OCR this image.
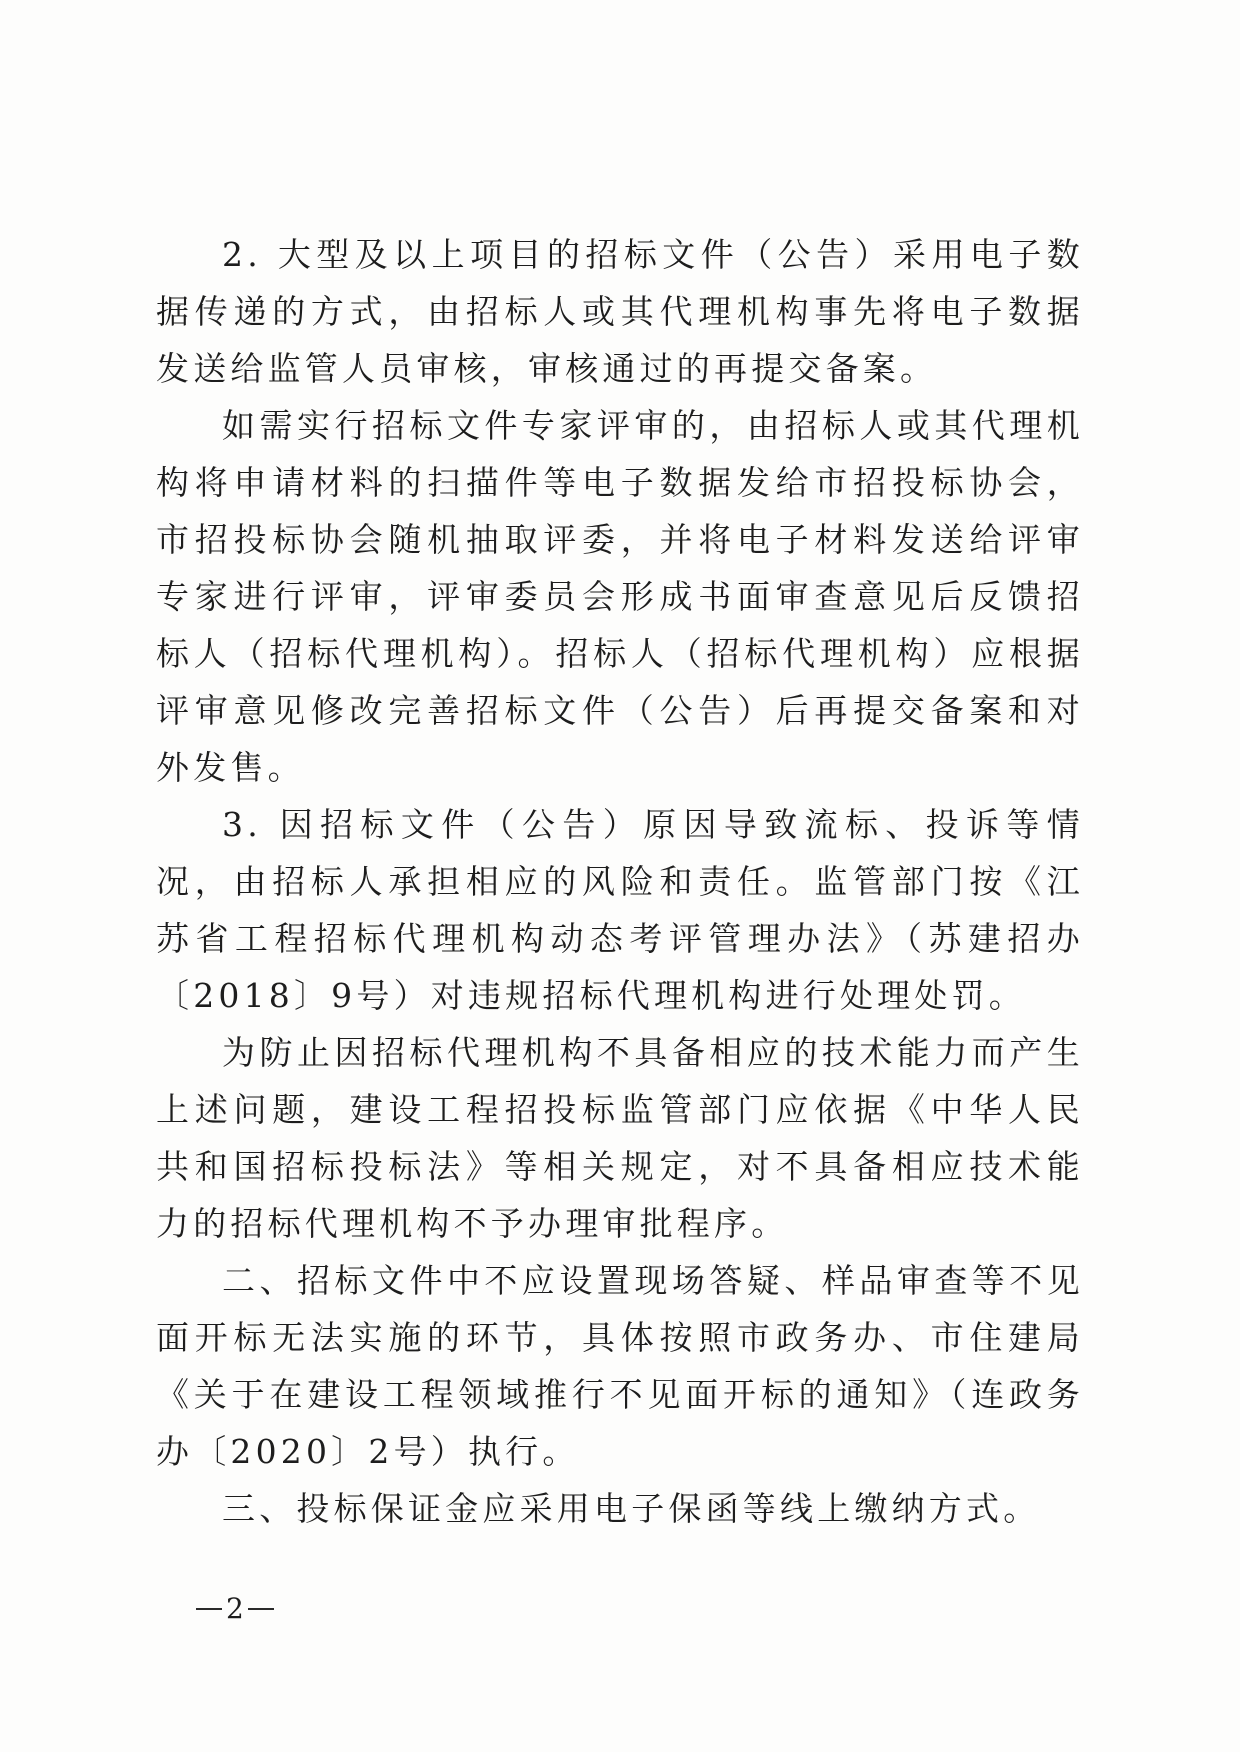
2. 大型及以上项目的招标文件（公告）采用电子数据传递的方式，由招标人或其代理机构事先将电子数据发送给监管人员审核，审核通过的再提交备案。

如需实行招标文件专家评审的，由招标人或其代理机构将申请材料的扫描件等电子数据发给市招投标协会，市招投标协会随机抽取评委，并将电子材料发送给评审专家进行评审，评审委员会形成书面审查意见后反馈招标人（招标代理机构）。招标人（招标代理机构）应根据评审意见修改完善招标文件（公告）后再提交备案和对外发售。

3. 因招标文件（公告）原因导致流标、投诉等情况，由招标人承担相应的风险和责任。监管部门按《江苏省工程招标代理机构动态考评管理办法》（苏建招办〔2018〕9号）对违规招标代理机构进行处理处罚。

为防止因招标代理机构不具备相应的技术能力而产生上述问题，建设工程招投标监管部门应依据《中华人民共和国招标投标法》等相关规定，对不具备相应技术能力的招标代理机构不予办理审批程序。

二、招标文件中不应设置现场答疑、样品审查等不见面开标无法实施的环节，具体按照市政务办、市住建局《关于在建设工程领域推行不见面开标的通知》（连政务办〔2020〕2号）执行。

三、投标保证金应采用电子保函等线上缴纳方式。

2
